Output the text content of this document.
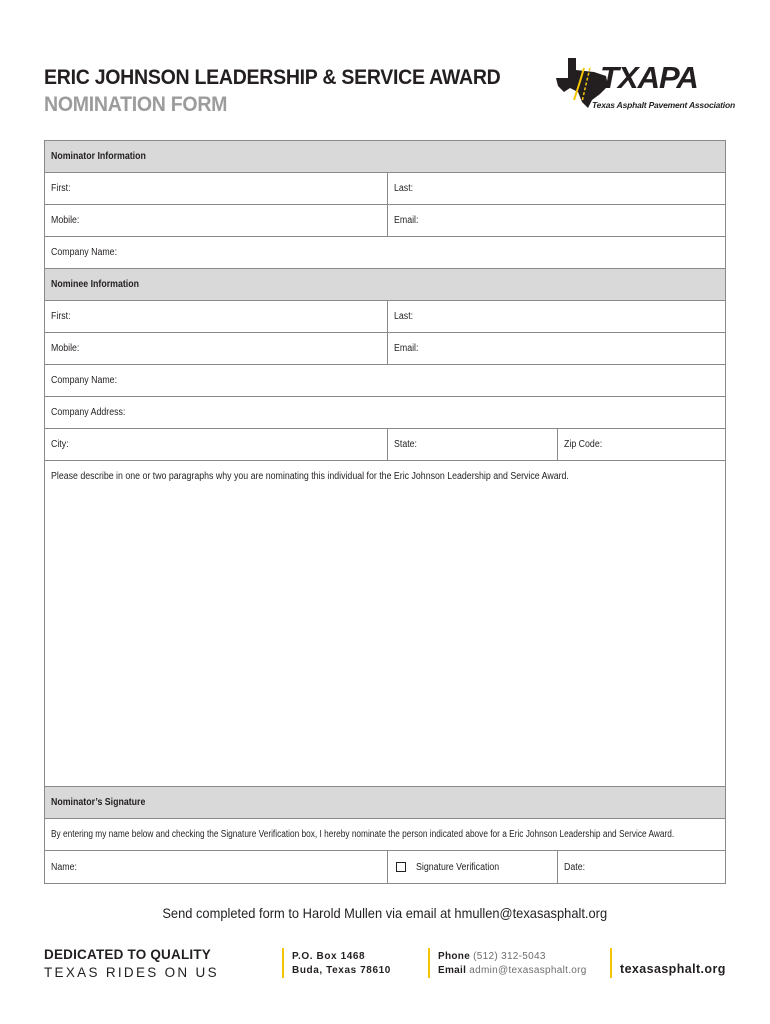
ERIC JOHNSON LEADERSHIP & SERVICE AWARD
NOMINATION FORM
TXAPA
Texas Asphalt Pavement Association
Nominator Information
First:	Last:
Mobile:	Email:
Company Name:
Nominee Information
First:	Last:
Mobile:	Email:
Company Name:
Company Address:
City:	State:	Zip Code:
Please describe in one or two paragraphs why you are nominating this individual for the Eric Johnson Leadership and Service Award.
Nominator’s Signature
By entering my name below and checking the Signature Verification box, I hereby nominate the person indicated above for a Eric Johnson Leadership and Service Award.
Name:	Signature Verification	Date:
Send completed form to Harold Mullen via email at hmullen@texasasphalt.org
DEDICATED TO QUALITY
TEXAS RIDES ON US
P.O. Box 1468
Buda, Texas 78610
Phone (512) 312-5043
Email admin@texasasphalt.org	texasasphalt.org
